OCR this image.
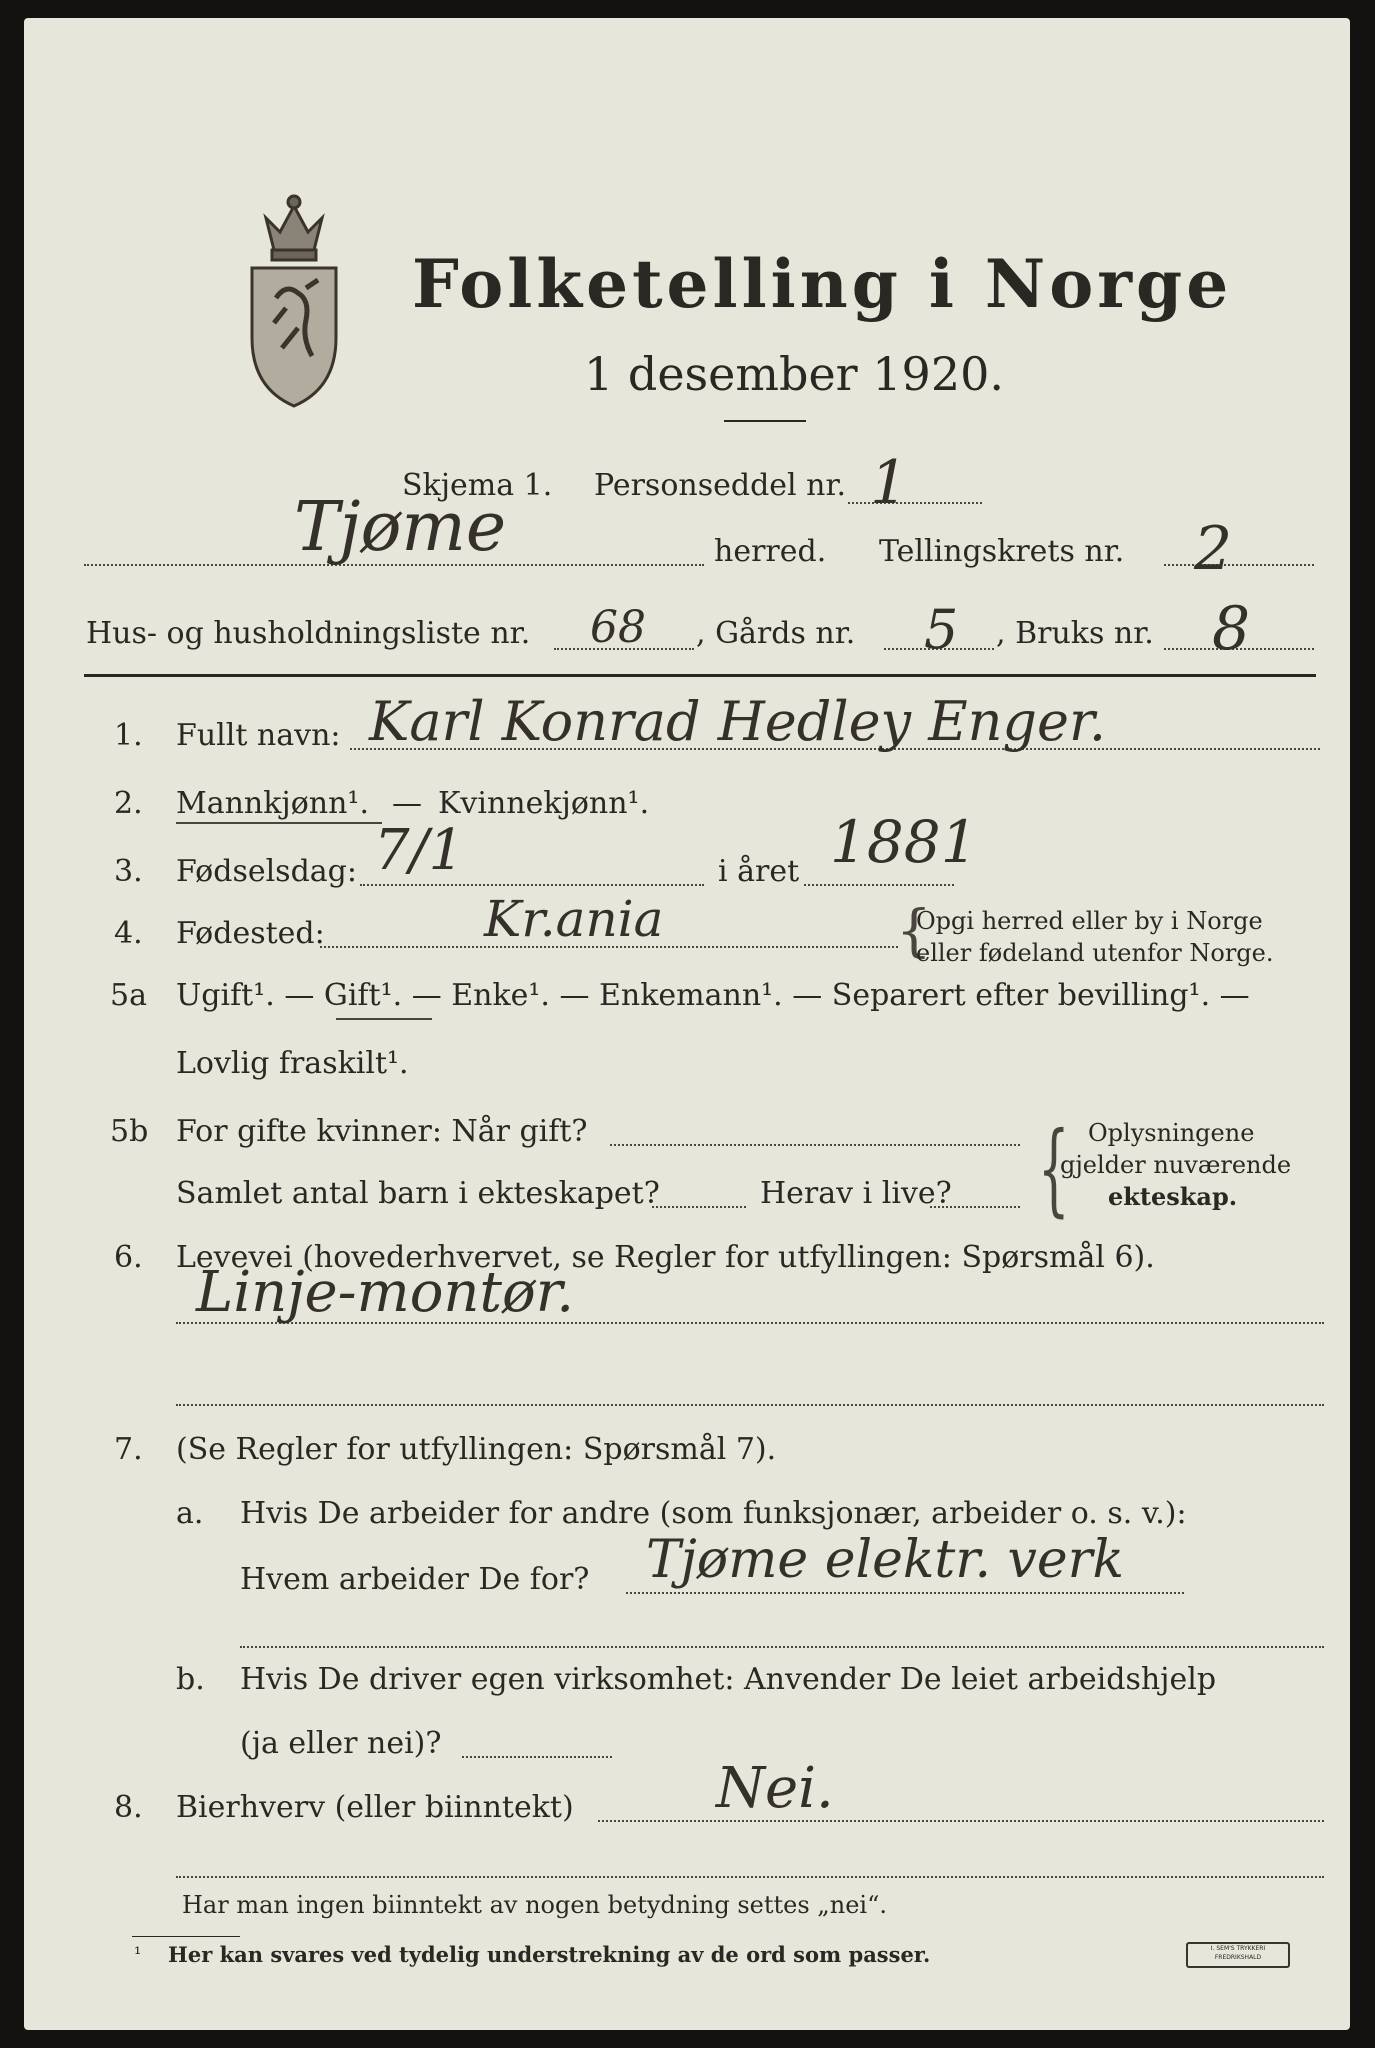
Folketelling i Norge
1 desember 1920.
Skjema 1. Personseddel nr. 1
Tjøme	herred. Tellingskrets nr. 2
Hus- og husholdningsliste nr. 68 , Gårds nr. 5 , Bruks nr. 8
1. Fullt navn: Karl Konrad Hedley Enger.
2. Mannkjønn¹. — Kvinnekjønn¹.
3. Fødselsdag: 7/1	i året 1881
4. Fødested:	Kr.ania	{
Opgi herred eller by i Norge
eller fødeland utenfor Norge.
5a Ugift¹. — Gift¹. — Enke¹. — Enkemann¹. — Separert efter bevilling¹. —
Lovlig fraskilt¹.
5b For gifte kvinner: Når gift?
Samlet antal barn i ekteskapet?	Herav i live? { Oplysningene
gjelder nuværende
ekteskap.
6. Levevei (hovederhvervet, se Regler for utfyllingen: Spørsmål 6).
Linje-montør.
7. (Se Regler for utfyllingen: Spørsmål 7).
a. Hvis De arbeider for andre (som funksjonær, arbeider o. s. v.):
Hvem arbeider De for? Tjøme elektr. verk
b. Hvis De driver egen virksomhet: Anvender De leiet arbeidshjelp
(ja eller nei)?
8. Bierhverv (eller biinntekt)	Nei.
Har man ingen biinntekt av nogen betydning settes „nei“.
¹ Her kan svares ved tydelig understrekning av de ord som passer.	I. SEM'S TRYKKERI FREDRIKSHALD
